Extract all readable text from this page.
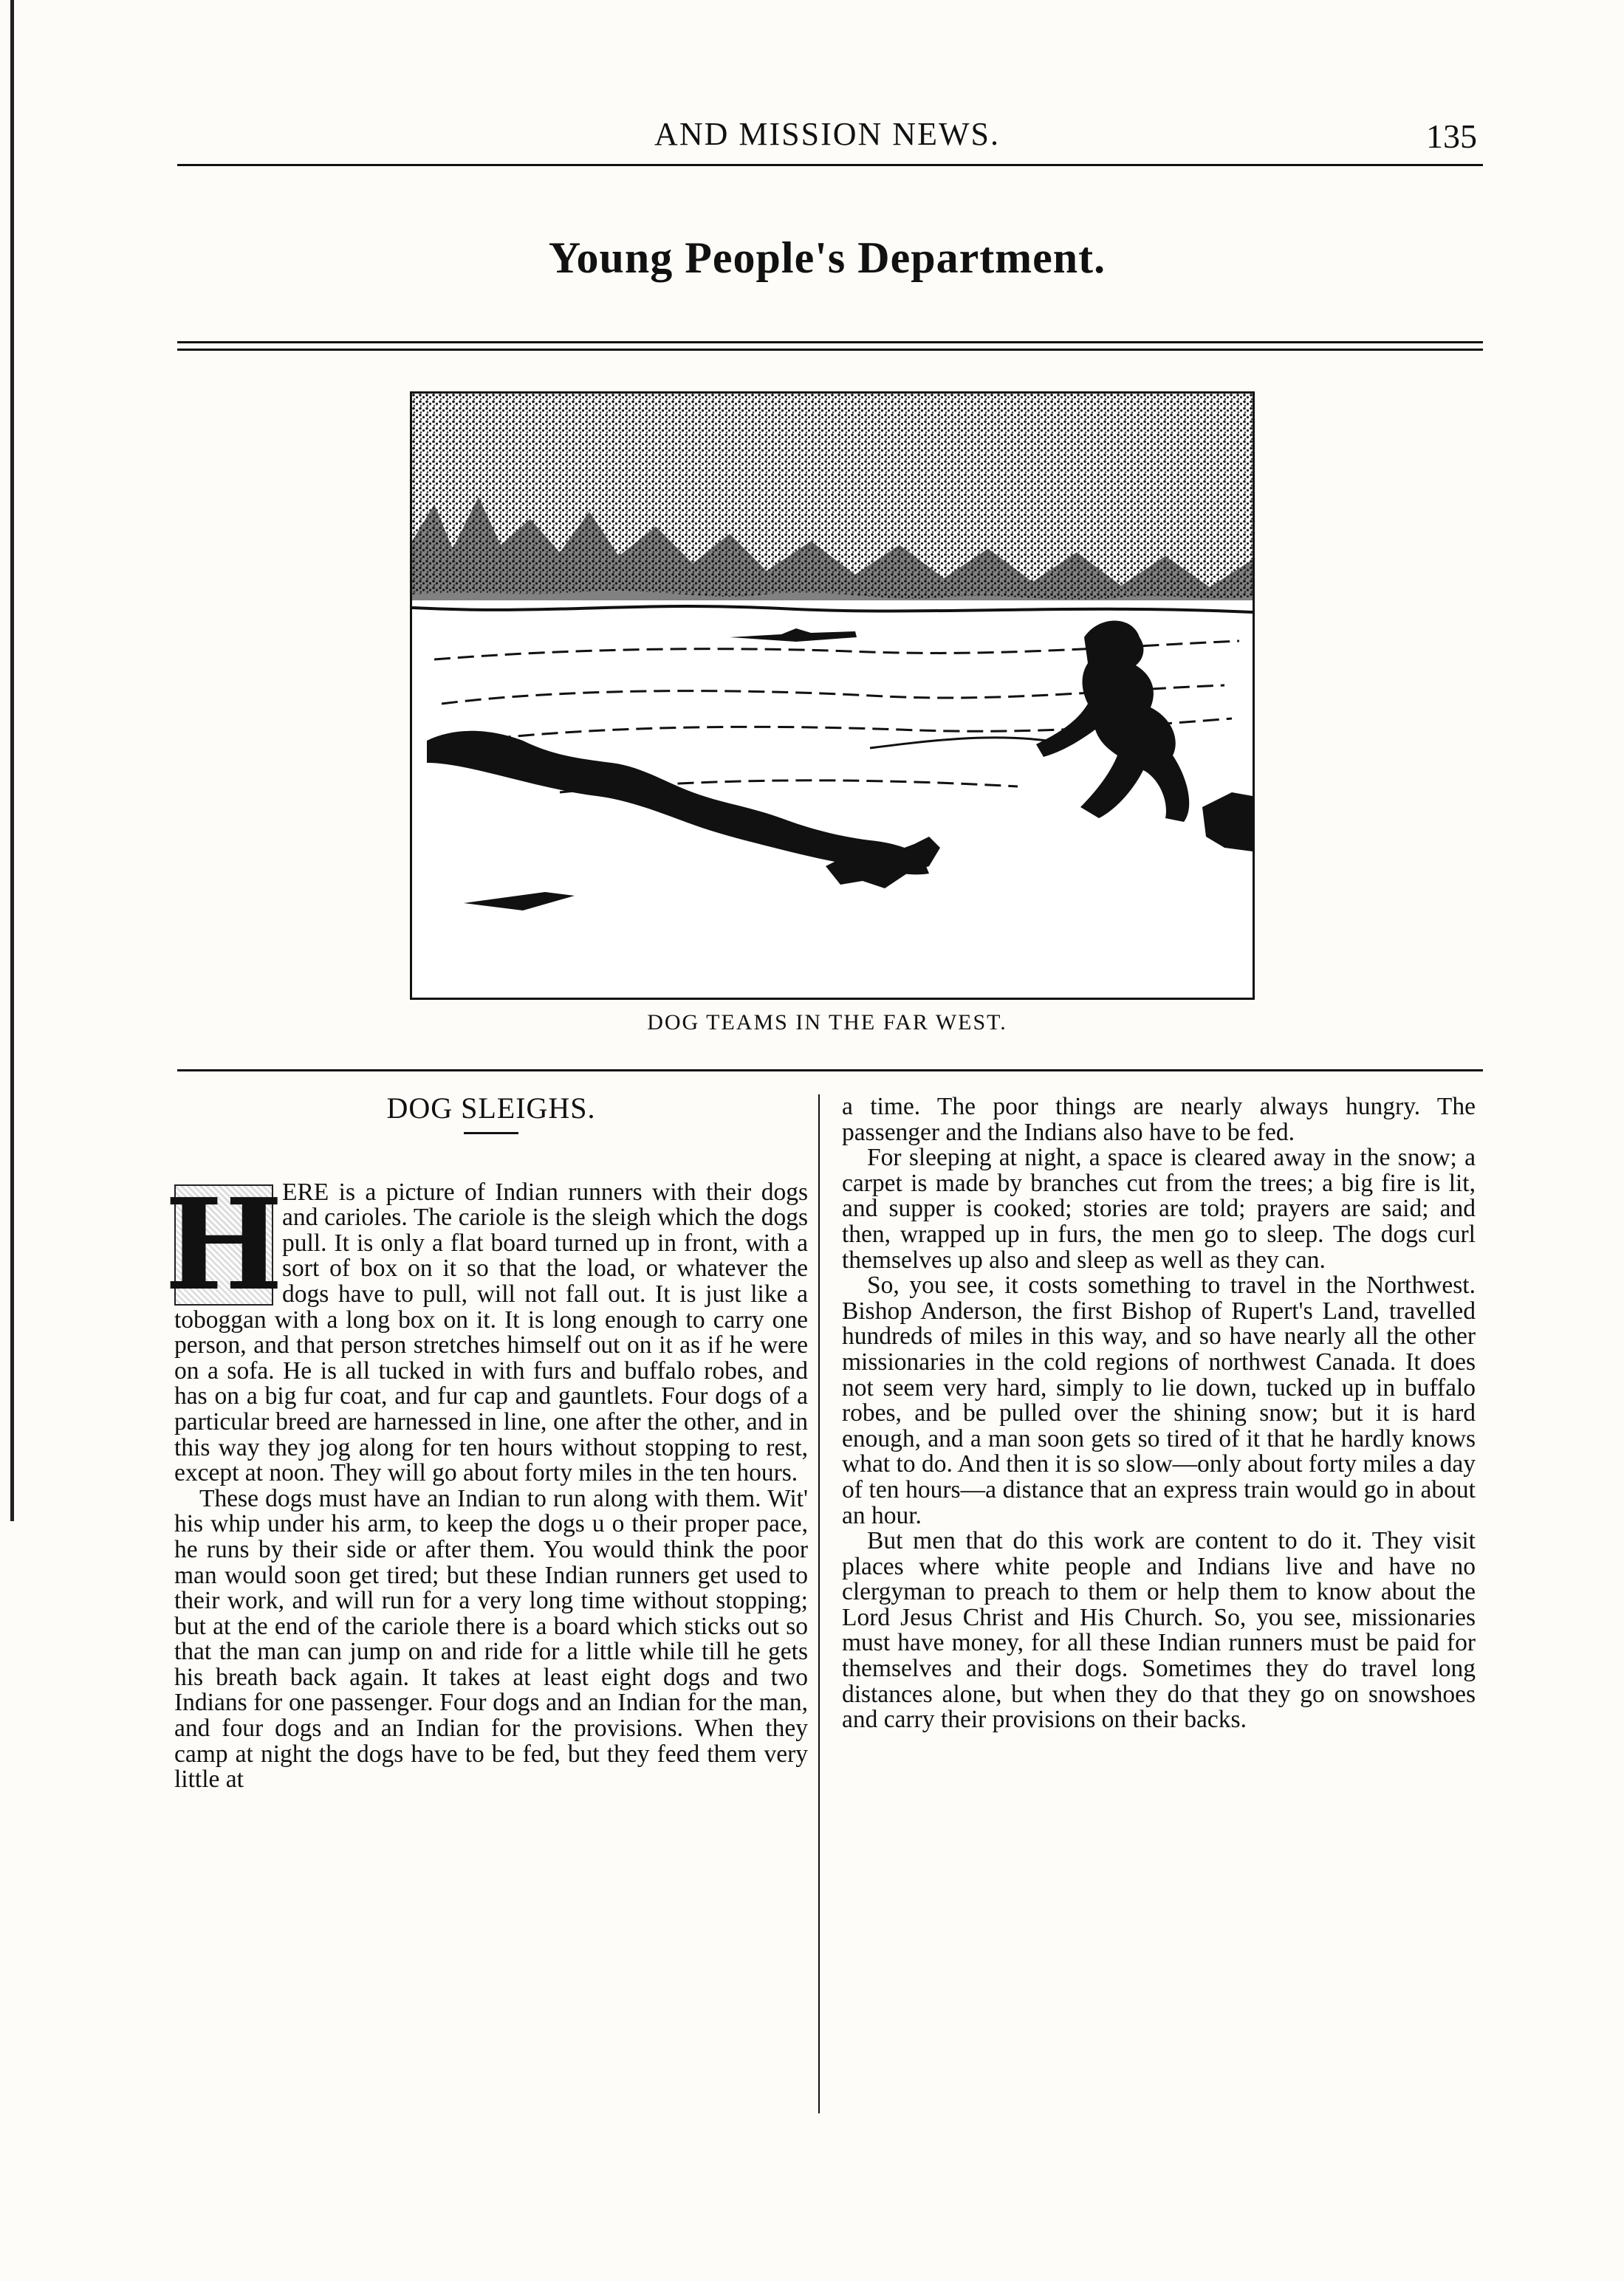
AND MISSION NEWS.	135
Young People's Department.
DOG TEAMS IN THE FAR WEST.
DOG SLEIGHS.

H
ERE is a picture of Indian runners with their dogs and carioles. The cariole is the sleigh which the dogs pull. It is only a flat board turned up in front, with a sort of box on it so that the load, or whatever the dogs have to pull, will not fall out. It is just like a toboggan with a long box on it. It is long enough to carry one person, and that person stretches himself out on it as if he were on a sofa. He is all tucked in with furs and buffalo robes, and has on a big fur coat, and fur cap and gauntlets. Four dogs of a particular breed are harnessed in line, one after the other, and in this way they jog along for ten hours without stopping to rest, except at noon. They will go about forty miles in the ten hours.

These dogs must have an Indian to run along with them. Wit' his whip under his arm, to keep the dogs u o their proper pace, he runs by their side or after them. You would think the poor man would soon get tired; but these Indian runners get used to their work, and will run for a very long time without stopping; but at the end of the cariole there is a board which sticks out so that the man can jump on and ride for a little while till he gets his breath back again. It takes at least eight dogs and two Indians for one passenger. Four dogs and an Indian for the man, and four dogs and an Indian for the provisions. When they camp at night the dogs have to be fed, but they feed them very little at

a time. The poor things are nearly always hungry. The passenger and the Indians also have to be fed.

For sleeping at night, a space is cleared away in the snow; a carpet is made by branches cut from the trees; a big fire is lit, and supper is cooked; stories are told; prayers are said; and then, wrapped up in furs, the men go to sleep. The dogs curl themselves up also and sleep as well as they can.

So, you see, it costs something to travel in the Northwest. Bishop Anderson, the first Bishop of Rupert's Land, travelled hundreds of miles in this way, and so have nearly all the other missionaries in the cold regions of northwest Canada. It does not seem very hard, simply to lie down, tucked up in buffalo robes, and be pulled over the shining snow; but it is hard enough, and a man soon gets so tired of it that he hardly knows what to do. And then it is so slow—only about forty miles a day of ten hours—a distance that an express train would go in about an hour.

But men that do this work are content to do it. They visit places where white people and Indians live and have no clergyman to preach to them or help them to know about the Lord Jesus Christ and His Church. So, you see, missionaries must have money, for all these Indian runners must be paid for themselves and their dogs. Sometimes they do travel long distances alone, but when they do that they go on snowshoes and carry their provisions on their backs.
